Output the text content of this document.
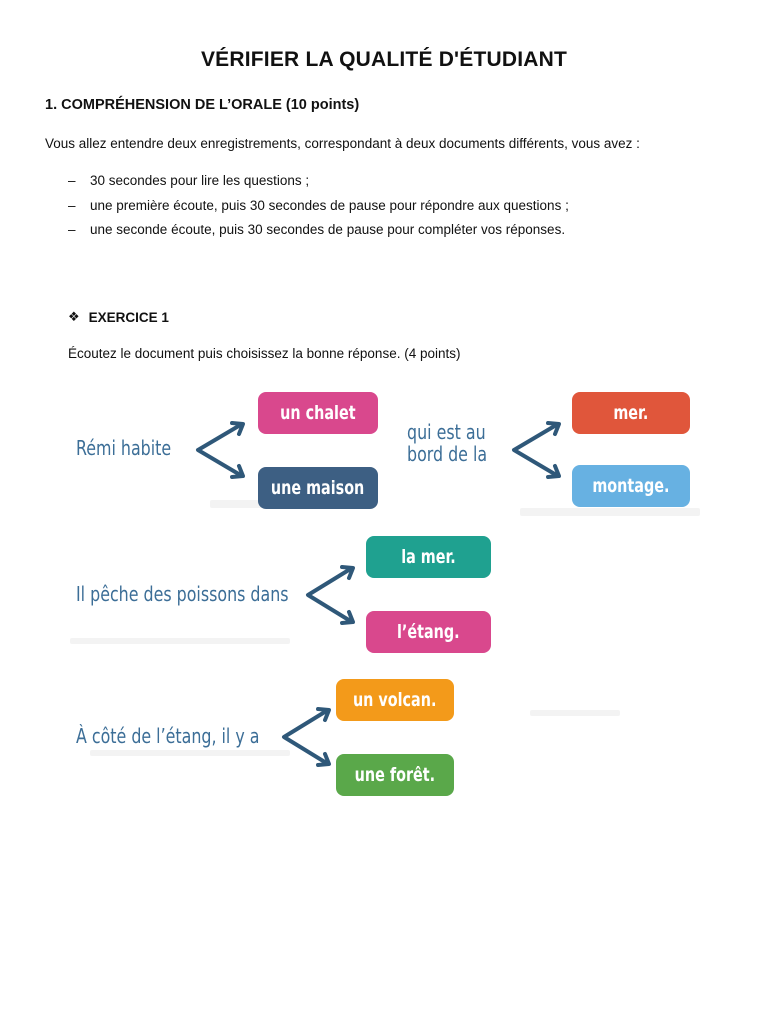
VÉRIFIER LA QUALITÉ D'ÉTUDIANT
1. COMPRÉHENSION DE L’ORALE (10 points)
Vous allez entendre deux enregistrements, correspondant à deux documents différents, vous avez :
–	30 secondes pour lire les questions ;
–	une première écoute, puis 30 secondes de pause pour répondre aux questions ;
–	une seconde écoute, puis 30 secondes de pause pour compléter vos réponses.
❖ EXERCICE 1
Écoutez le document puis choisissez la bonne réponse. (4 points)
Rémi habite
un chalet
une maison
qui est au
bord de la
mer.
montage.
Il pêche des poissons dans
la mer.
l’étang.
À côté de l’étang, il y a
un volcan.
une forêt.
